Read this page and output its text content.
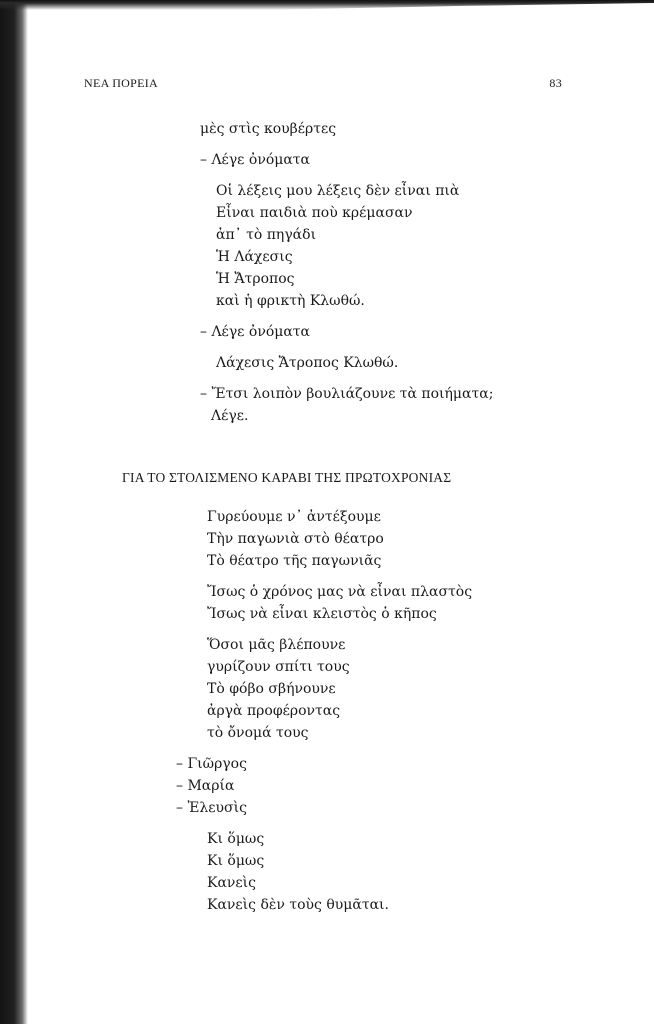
ΝΕΑ ΠΟΡΕΙΑ	83
μὲς στὶς κουβέρτες
– Λέγε ὀνόματα
Οἱ λέξεις μου λέξεις δὲν εἶναι πιὰ
Εἶναι παιδιὰ ποὺ κρέμασαν
ἀπ᾽ τὸ πηγάδι
Ἡ Λάχεσις
Ἡ Ἄτροπος
καὶ ἡ φρικτὴ Κλωθώ.
– Λέγε ὀνόματα
Λάχεσις Ἄτροπος Κλωθώ.
– Ἔτσι λοιπὸν βουλιάζουνε τὰ ποιήματα;
Λέγε.
ΓΙΑ ΤΟ ΣΤΟΛΙΣΜΕΝΟ ΚΑΡΑΒΙ ΤΗΣ ΠΡΩΤΟΧΡΟΝΙΑΣ
Γυρεύουμε ν᾽ ἀντέξουμε
Τὴν παγωνιὰ στὸ θέατρο
Τὸ θέατρο τῆς παγωνιᾶς
Ἴσως ὁ χρόνος μας νὰ εἶναι πλαστὸς
Ἴσως νὰ εἶναι κλειστὸς ὁ κῆπος
Ὅσοι μᾶς βλέπουνε
γυρίζουν σπίτι τους
Τὸ φόβο σβήνουνε
ἀργὰ προφέροντας
τὸ ὄνομά τους
– Γιῶργος
– Μαρία
– Ἐλευσὶς
Κι ὅμως
Κι ὅμως
Κανεὶς
Κανεὶς δὲν τοὺς θυμᾶται.
